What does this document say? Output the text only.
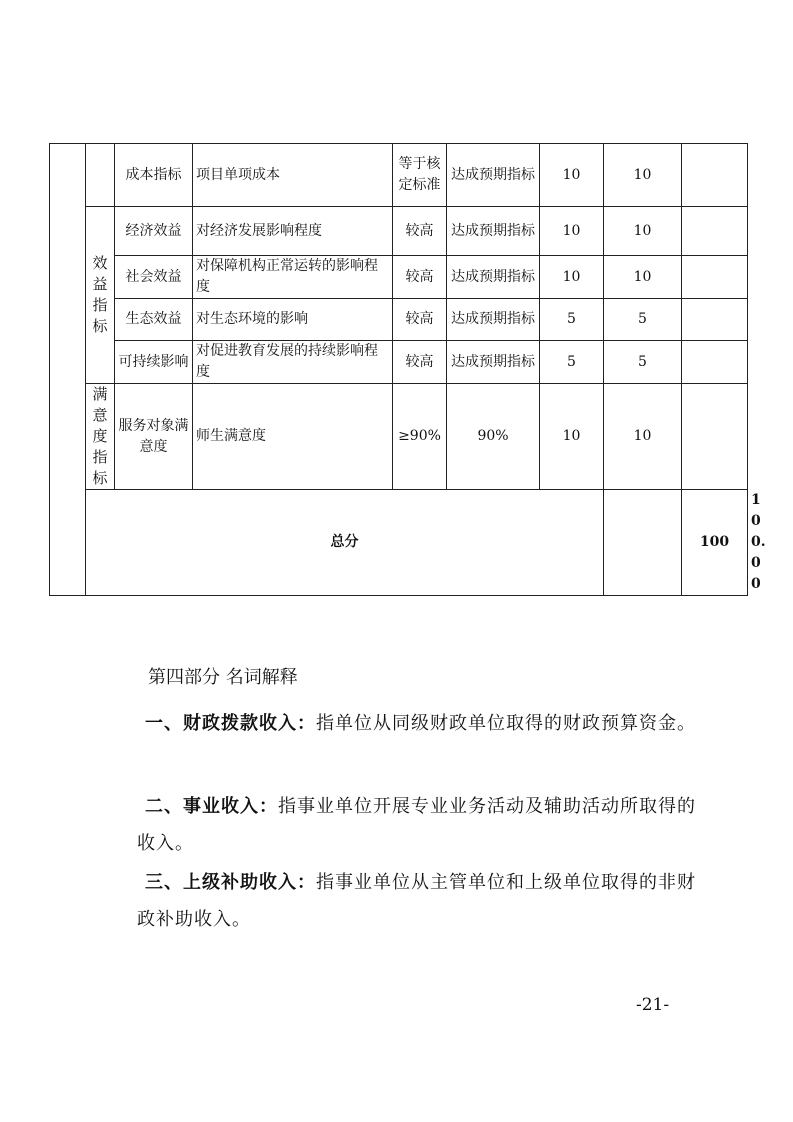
		成本指标	项目单项成本	等于核定标准	达成预期指标	10	10		
	效益指标	经济效益	对经济发展影响程度	较高	达成预期指标	10	10		
		社会效益	对保障机构正常运转的影响程度	较高	达成预期指标	10	10		
		生态效益	对生态环境的影响	较高	达成预期指标	5	5		
		可持续影响	对促进教育发展的持续影响程度	较高	达成预期指标	5	5		
	满意度指标	服务对象满意度	师生满意度	≥90%	90%	10	10		
	总分							100	100.00	
第四部分 名词解释
一、财政拨款收入：指单位从同级财政单位取得的财政预算资金。
二、事业收入：指事业单位开展专业业务活动及辅助活动所取得的收入。
三、上级补助收入：指事业单位从主管单位和上级单位取得的非财政补助收入。
-21-
